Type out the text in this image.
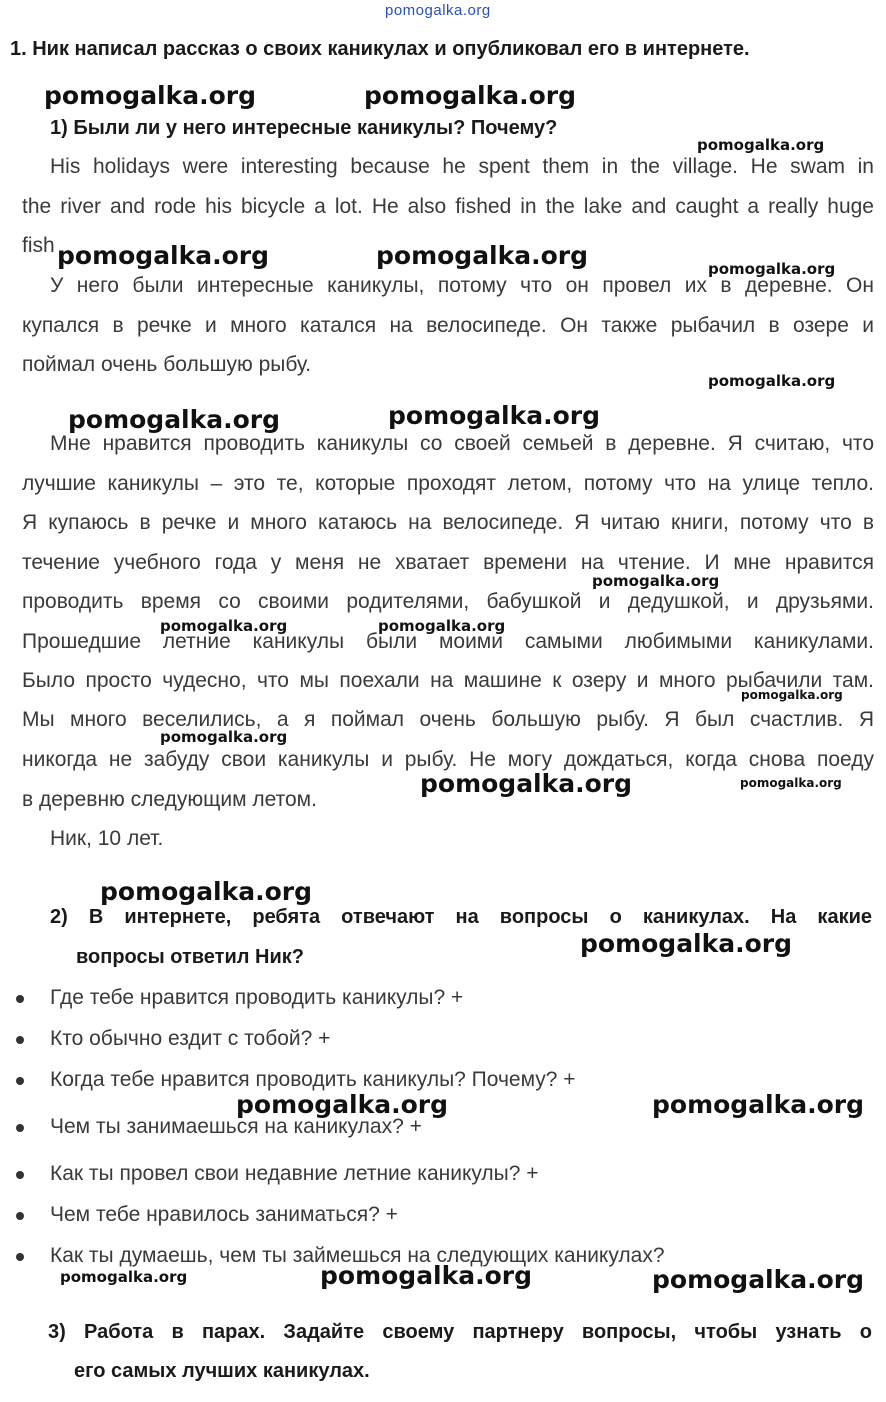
pomogalka.org
1. Ник написал рассказ о своих каникулах и опубликовал его в интернете.
1) Были ли у него интересные каникулы? Почему?
His holidays were interesting because he spent them in the village. He swam in
the river and rode his bicycle a lot. He also fished in the lake and caught a really huge
fish
У него были интересные каникулы, потому что он провел их в деревне. Он
купался в речке и много катался на велосипеде. Он также рыбачил в озере и
поймал очень большую рыбу.
Мне нравится проводить каникулы со своей семьей в деревне. Я считаю, что
лучшие каникулы – это те, которые проходят летом, потому что на улице тепло.
Я купаюсь в речке и много катаюсь на велосипеде. Я читаю книги, потому что в
течение учебного года у меня не хватает времени на чтение. И мне нравится
проводить время со своими родителями, бабушкой и дедушкой, и друзьями.
Прошедшие летние каникулы были моими самыми любимыми каникулами.
Было просто чудесно, что мы поехали на машине к озеру и много рыбачили там.
Мы много веселились, а я поймал очень большую рыбу. Я был счастлив. Я
никогда не забуду свои каникулы и рыбу. Не могу дождаться, когда снова поеду
в деревню следующим летом.
Ник, 10 лет.
2) В интернете, ребята отвечают на вопросы о каникулах. На какие
вопросы ответил Ник?
Где тебе нравится проводить каникулы? +
Кто обычно ездит с тобой? +
Когда тебе нравится проводить каникулы? Почему? +
Чем ты занимаешься на каникулах? +
Как ты провел свои недавние летние каникулы? +
Чем тебе нравилось заниматься? +
Как ты думаешь, чем ты займешься на следующих каникулах?
3) Работа в парах. Задайте своему партнеру вопросы, чтобы узнать о
его самых лучших каникулах.
pomogalka.org	pomogalka.org
pomogalka.org
pomogalka.org	pomogalka.org	pomogalka.org
pomogalka.org
pomogalka.org	pomogalka.org
pomogalka.org
pomogalka.org	pomogalka.org
pomogalka.org
pomogalka.org
pomogalka.org	pomogalka.org
pomogalka.org
pomogalka.org
pomogalka.org	pomogalka.org
pomogalka.org	pomogalka.org	pomogalka.org
